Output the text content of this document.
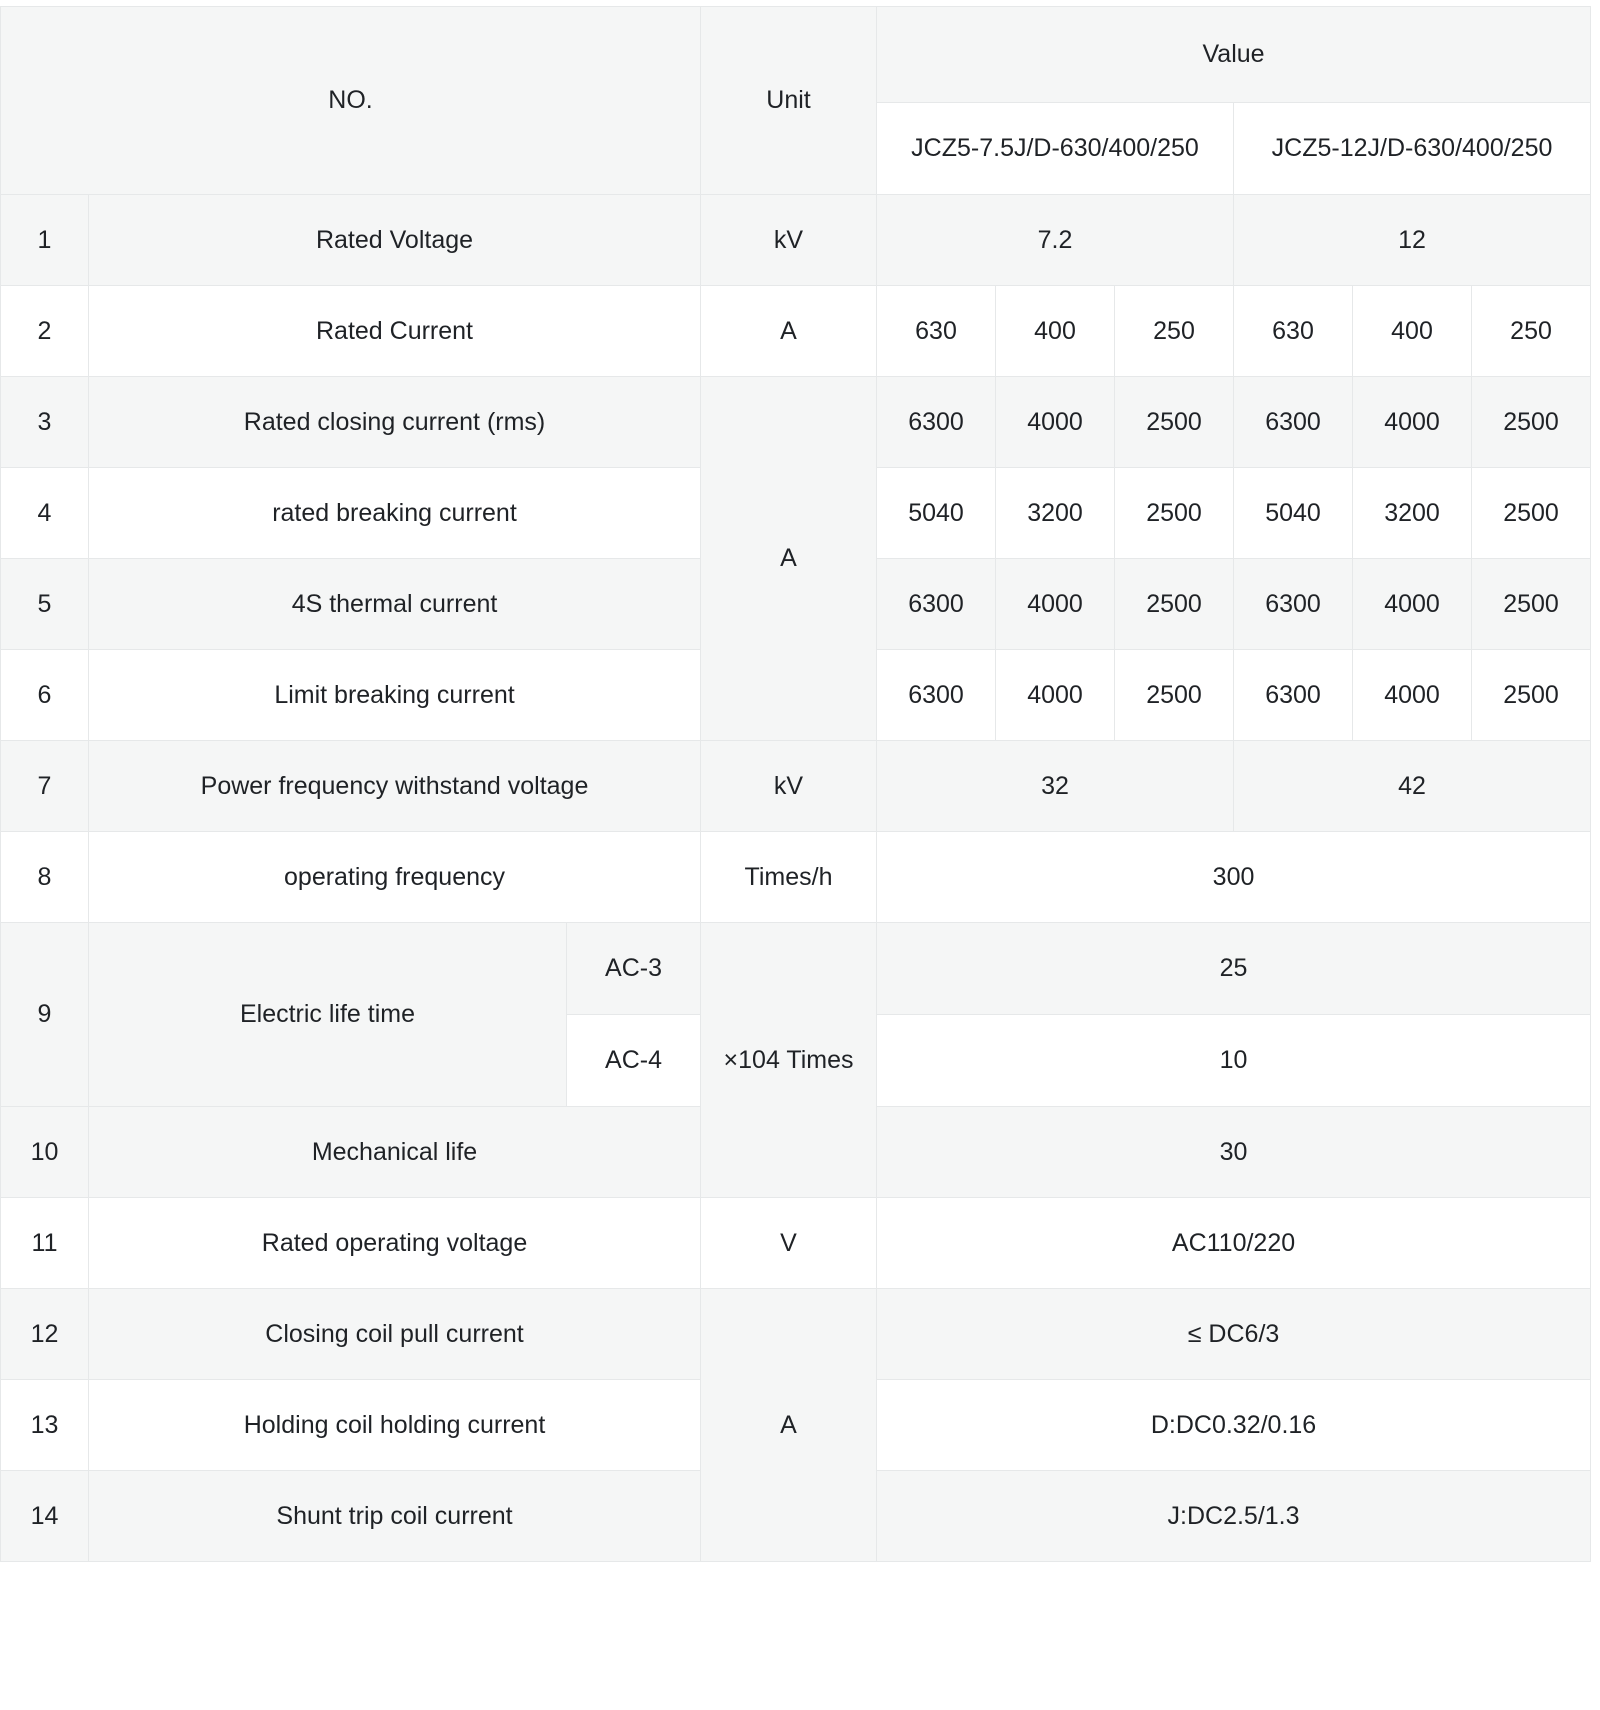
NO.			Unit	Value					
				JCZ5-7.5J/D-630/400/250			JCZ5-12J/D-630/400/250		
1	Rated Voltage		kV	7.2			12		
2	Rated Current		A	630	400	250	630	400	250
3	Rated closing current (rms)		A	6300	4000	2500	6300	4000	2500
4	rated breaking current			5040	3200	2500	5040	3200	2500
5	4S thermal current			6300	4000	2500	6300	4000	2500
6	Limit breaking current			6300	4000	2500	6300	4000	2500
7	Power frequency withstand voltage		kV	32			42		
8	operating frequency		Times/h	300					
9	Electric life time	AC-3	×104 Times	25					
		AC-4		10					
10	Mechanical life			30					
11	Rated operating voltage		V	AC110/220					
12	Closing coil pull current		A	≤ DC6/3					
13	Holding coil holding current			D:DC0.32/0.16					
14	Shunt trip coil current			J:DC2.5/1.3					
